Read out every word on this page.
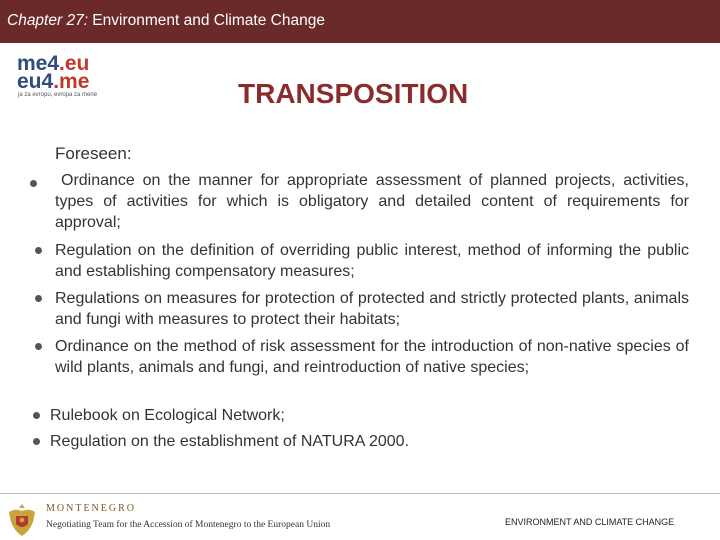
Chapter 27: Environment and Climate Change
me4.eu
eu4.me
ja za evropu, evropa za mene	TRANSPOSITION
Foreseen:
Ordinance on the manner for appropriate assessment of planned projects, activities, types of activities for which is obligatory and detailed content of requirements for approval;
Regulation on the definition of overriding public interest, method of informing the public and establishing compensatory measures;
Regulations on measures for protection of protected and strictly protected plants, animals and fungi with measures to protect their habitats;
Ordinance on the method of risk assessment for the introduction of non-native species of wild plants, animals and fungi, and reintroduction of native species;
Rulebook on Ecological Network;
Regulation on the establishment of NATURA 2000.
MONTENEGRO
Negotiating Team for the Accession of Montenegro to the European Union	ENVIRONMENT AND CLIMATE CHANGE
